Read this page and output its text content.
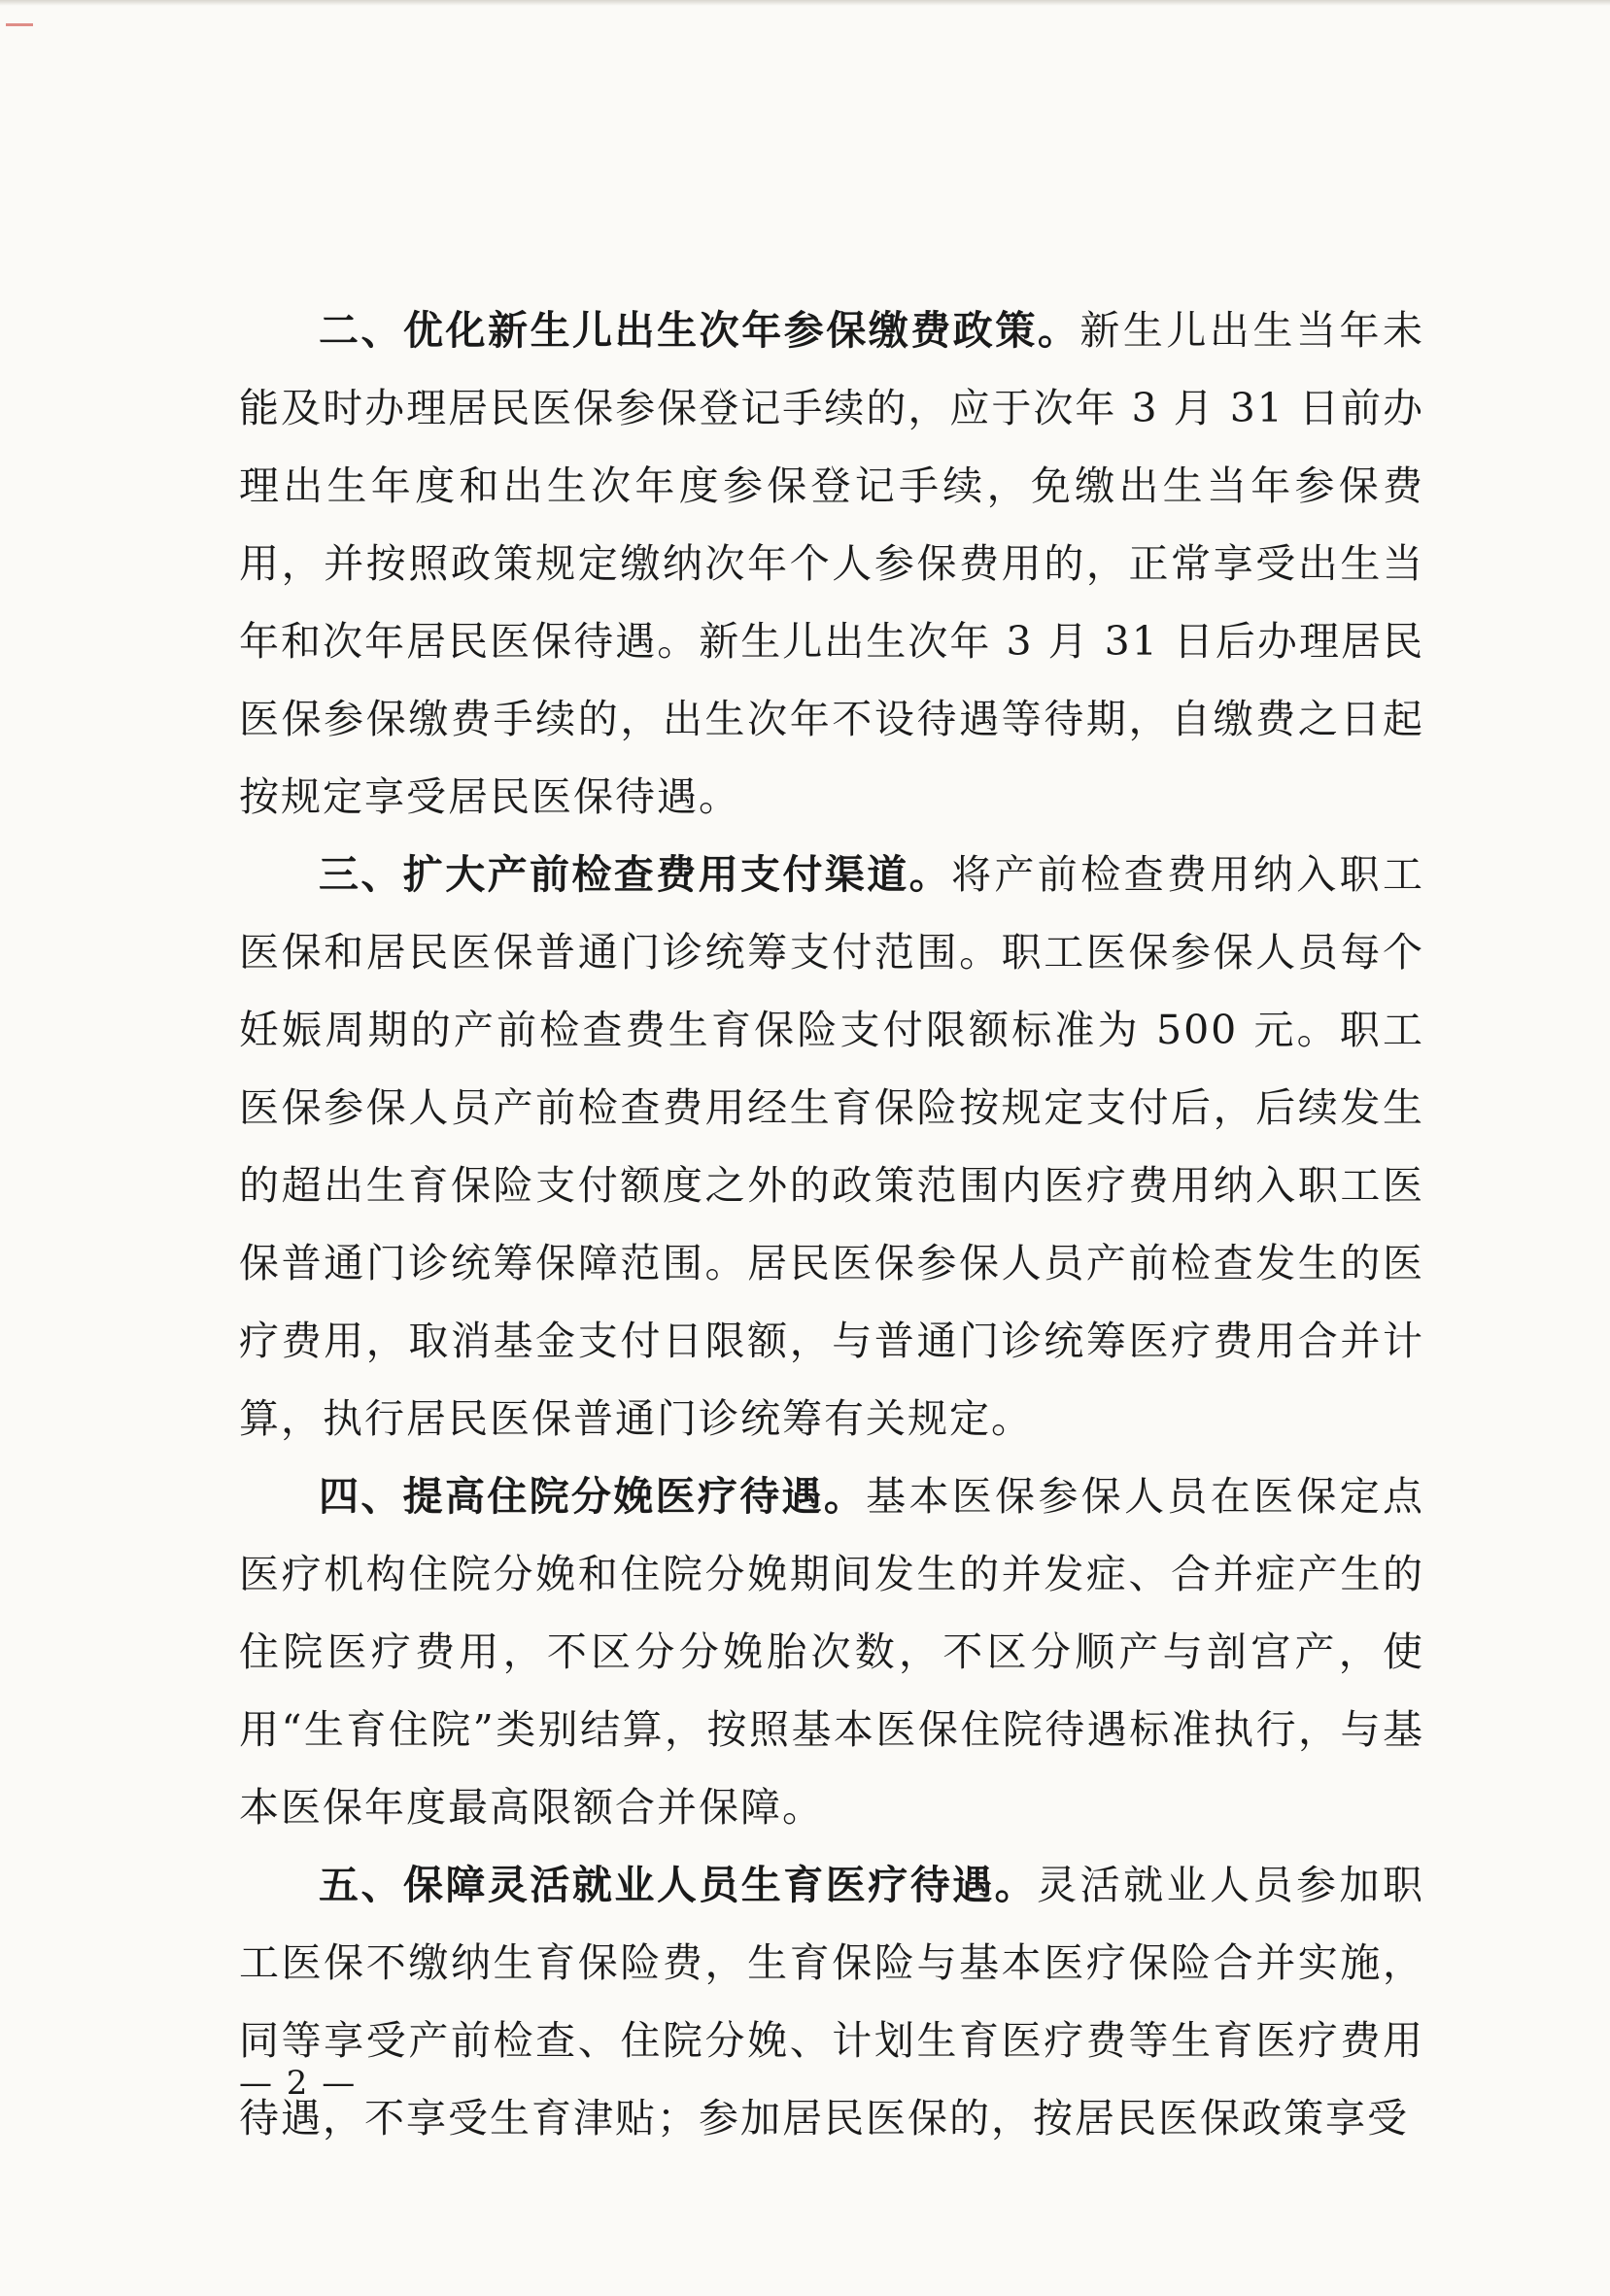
二、优化新生儿出生次年参保缴费政策。新生儿出生当年未能及时办理居民医保参保登记手续的，应于次年 3 月 31 日前办理出生年度和出生次年度参保登记手续，免缴出生当年参保费用，并按照政策规定缴纳次年个人参保费用的，正常享受出生当年和次年居民医保待遇。新生儿出生次年 3 月 31 日后办理居民医保参保缴费手续的，出生次年不设待遇等待期，自缴费之日起按规定享受居民医保待遇。

三、扩大产前检查费用支付渠道。将产前检查费用纳入职工医保和居民医保普通门诊统筹支付范围。职工医保参保人员每个妊娠周期的产前检查费生育保险支付限额标准为 500 元。职工医保参保人员产前检查费用经生育保险按规定支付后，后续发生的超出生育保险支付额度之外的政策范围内医疗费用纳入职工医保普通门诊统筹保障范围。居民医保参保人员产前检查发生的医疗费用，取消基金支付日限额，与普通门诊统筹医疗费用合并计算，执行居民医保普通门诊统筹有关规定。

四、提高住院分娩医疗待遇。基本医保参保人员在医保定点医疗机构住院分娩和住院分娩期间发生的并发症、合并症产生的住院医疗费用，不区分分娩胎次数，不区分顺产与剖宫产，使用“生育住院”类别结算，按照基本医保住院待遇标准执行，与基本医保年度最高限额合并保障。

五、保障灵活就业人员生育医疗待遇。灵活就业人员参加职工医保不缴纳生育保险费，生育保险与基本医疗保险合并实施，同等享受产前检查、住院分娩、计划生育医疗费等生育医疗费用待遇，不享受生育津贴；参加居民医保的，按居民医保政策享受

— 2 —
